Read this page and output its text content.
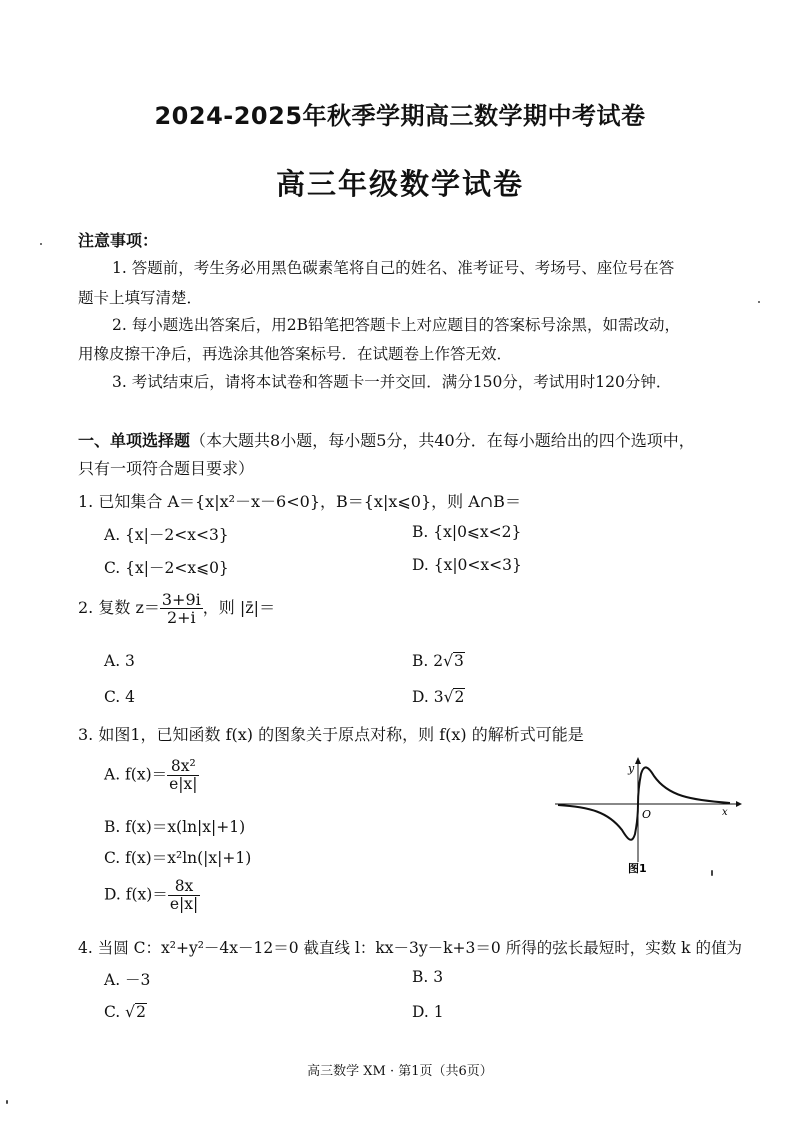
2024-2025年秋季学期高三数学期中考试卷
高三年级数学试卷
注意事项：
1. 答题前，考生务必用黑色碳素笔将自己的姓名、准考证号、考场号、座位号在答
题卡上填写清楚．
2. 每小题选出答案后，用2B铅笔把答题卡上对应题目的答案标号涂黑，如需改动，
用橡皮擦干净后，再选涂其他答案标号．在试题卷上作答无效．
3. 考试结束后，请将本试卷和答题卡一并交回．满分150分，考试用时120分钟．
一、单项选择题（本大题共8小题，每小题5分，共40分．在每小题给出的四个选项中，
只有一项符合题目要求）
1. 已知集合 A＝{x|x²－x－6<0}，B＝{x|x⩽0}，则 A∩B＝
A. {x|－2<x<3}	B. {x|0⩽x<2}
C. {x|－2<x⩽0}	D. {x|0<x<3}
2. 复数 $z= \frac{3+9i}{2+i}$ ，则 |z̄|＝
A. 3	B. 2√3
C. 4	D. 3√2
3. 如图1，已知函数 f(x) 的图象关于原点对称，则 f(x) 的解析式可能是
A. $f(x)= \frac{\text{8x²}}{e|x|}$
B. f(x)＝x(ln|x|+1)
C. f(x)＝x²ln(|x|+1)
D. $f(x)= \frac{8x}{e|x|}$
y
x
O
图1
4. 当圆 C：x²+y²－4x－12＝0 截直线 l：kx－3y－k+3＝0 所得的弦长最短时，实数 k 的值为
A. －3	B. 3
C. √2	D. 1
高三数学 XM · 第1页（共6页）
